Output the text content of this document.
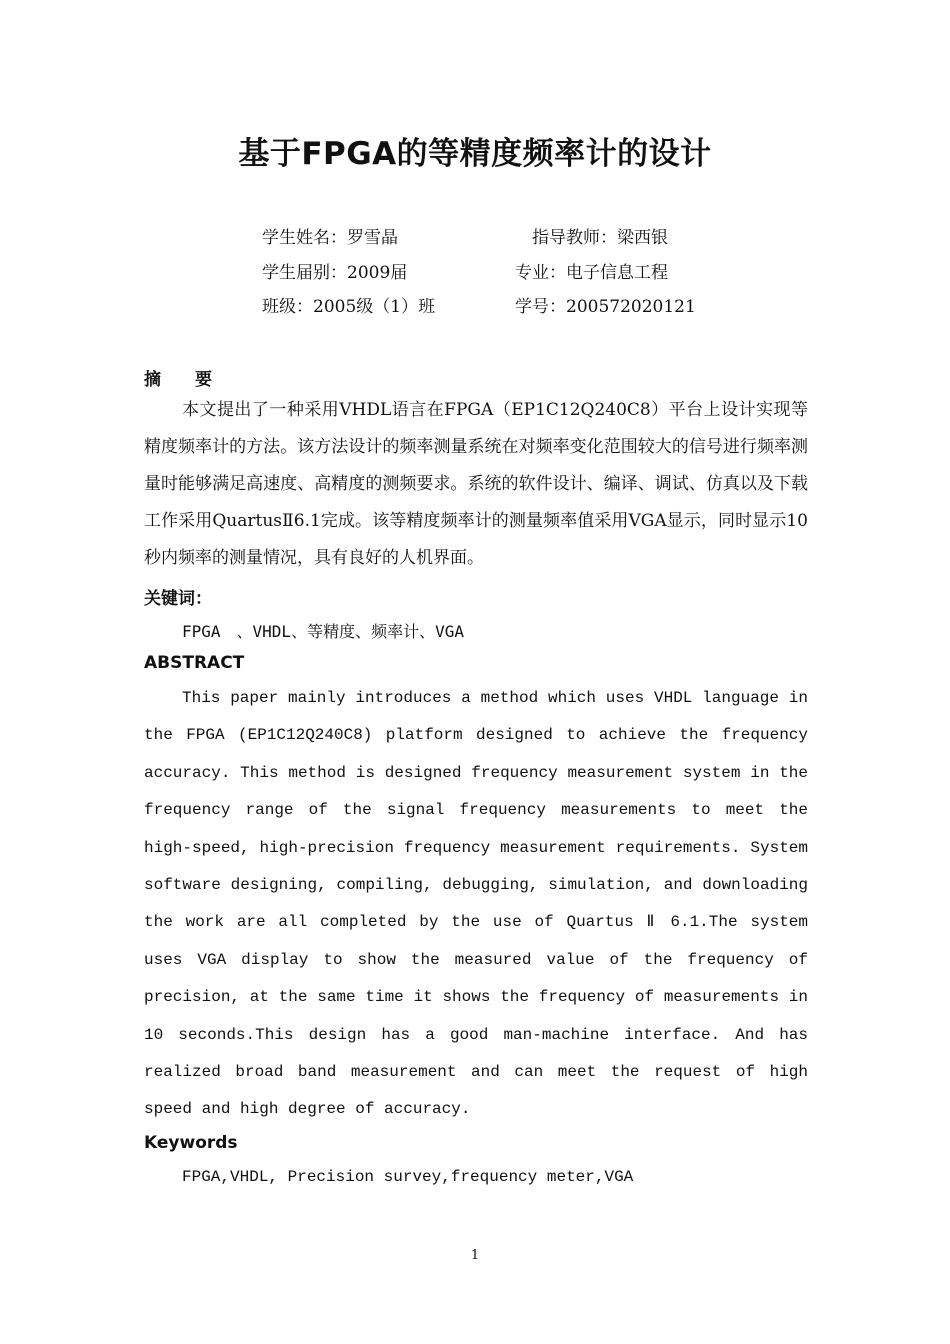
基于FPGA的等精度频率计的设计
学生姓名：罗雪晶	指导教师：梁西银
学生届别：2009届	专业：电子信息工程
班级：2005级（1）班	学号：200572020121
摘　　要

本文提出了一种采用VHDL语言在FPGA（EP1C12Q240C8）平台上设计实现等精度频率计的方法。该方法设计的频率测量系统在对频率变化范围较大的信号进行频率测量时能够满足高速度、高精度的测频要求。系统的软件设计、编译、调试、仿真以及下载工作采用QuartusⅡ6.1完成。该等精度频率计的测量频率值采用VGA显示，同时显示10秒内频率的测量情况，具有良好的人机界面。

关键词：
FPGA　、VHDL、等精度、频率计、VGA
ABSTRACT

This paper mainly introduces a method which uses VHDL language in the FPGA (EP1C12Q240C8) platform designed to achieve the frequency accuracy. This method is designed frequency measurement system in the frequency range of the signal frequency measurements to meet the high-speed, high-precision frequency measurement requirements. System software designing, compiling, debugging, simulation, and downloading the work are all completed by the use of Quartus Ⅱ 6.1.The system uses VGA display to show the measured value of the frequency of precision, at the same time it shows the frequency of measurements in 10 seconds.This design has a good man-machine interface. And has realized broad band measurement and can meet the request of high speed and high degree of accuracy.

Keywords
FPGA,VHDL, Precision survey,frequency meter,VGA
1
